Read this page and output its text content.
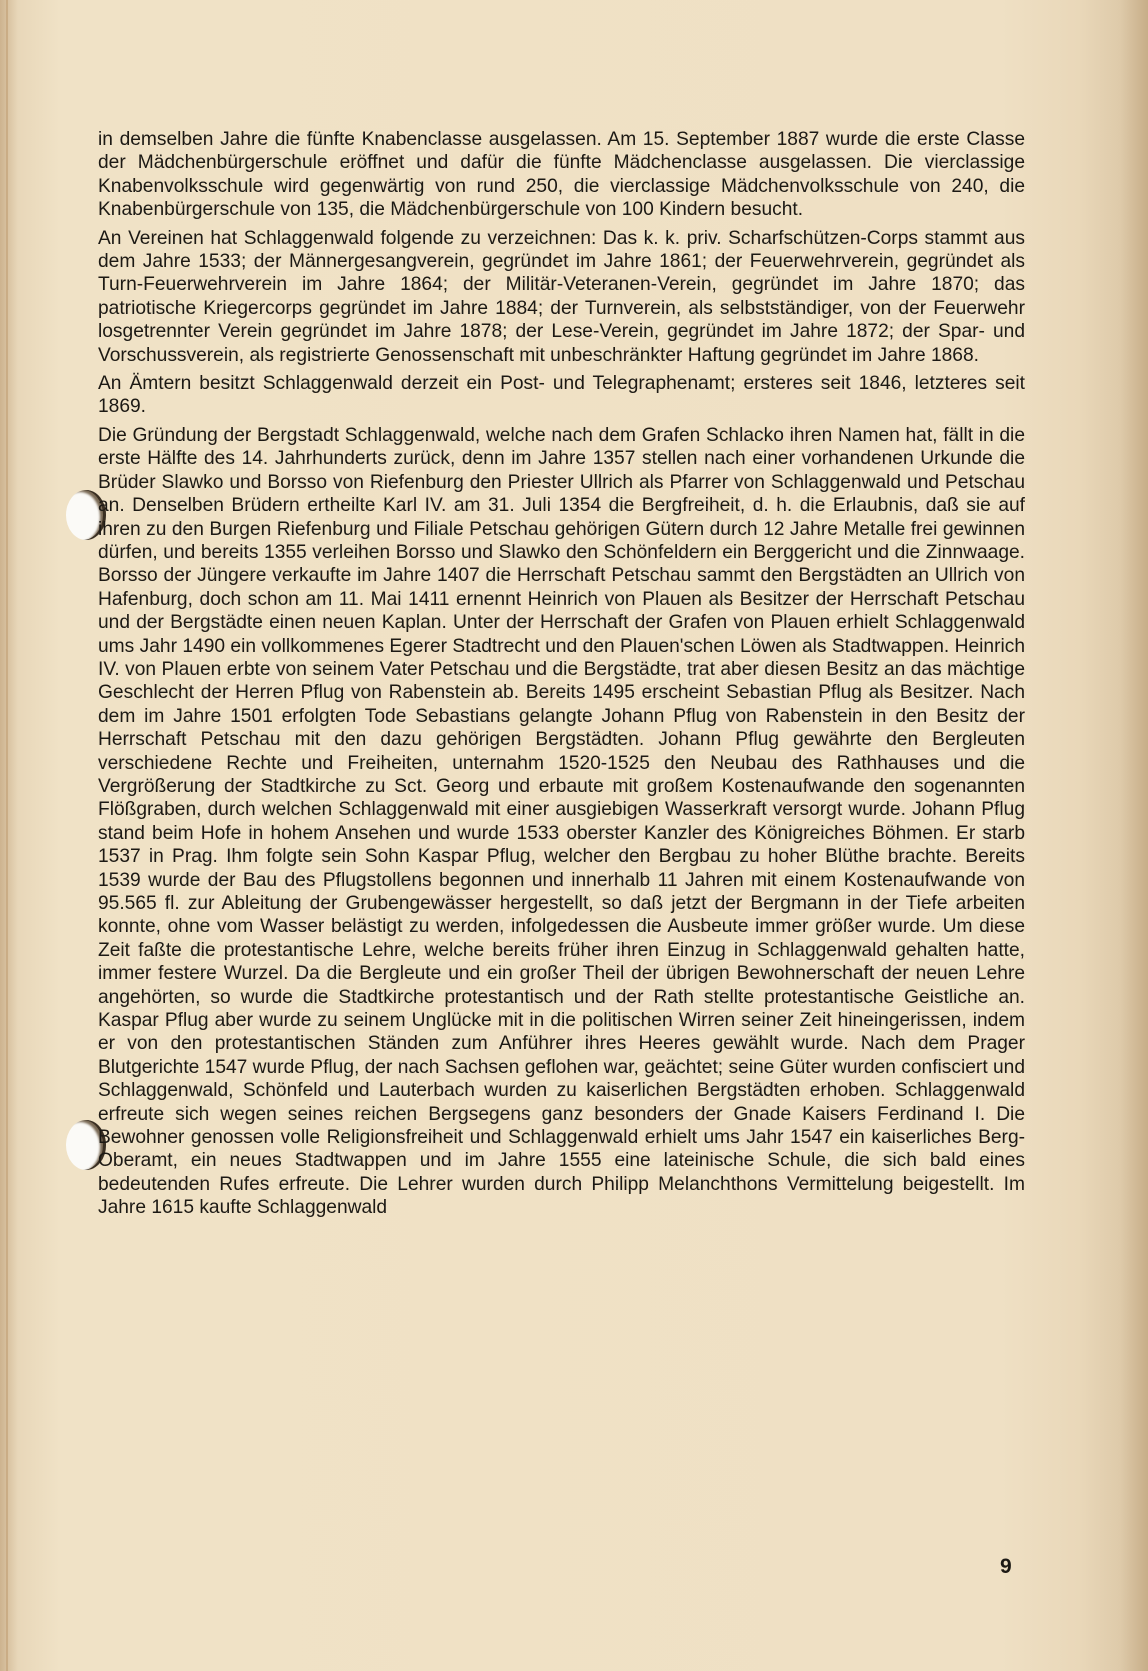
in demselben Jahre die fünfte Knabenclasse ausgelassen. Am 15. September 1887 wurde die erste Classe der Mädchenbürgerschule eröffnet und dafür die fünfte Mädchenclasse ausgelassen. Die vierclassige Knabenvolksschule wird gegenwärtig von rund 250, die vierclassige Mädchenvolksschule von 240, die Knabenbürgerschule von 135, die Mädchenbürgerschule von 100 Kindern besucht.

An Vereinen hat Schlaggenwald folgende zu verzeichnen: Das k. k. priv. Scharfschützen-Corps stammt aus dem Jahre 1533; der Männergesangverein, gegründet im Jahre 1861; der Feuerwehrverein, gegründet als Turn-Feuerwehrverein im Jahre 1864; der Militär-Veteranen-Verein, gegründet im Jahre 1870; das patriotische Kriegercorps gegründet im Jahre 1884; der Turnverein, als selbstständiger, von der Feuerwehr losgetrennter Verein gegründet im Jahre 1878; der Lese-Verein, gegründet im Jahre 1872; der Spar- und Vorschussverein, als registrierte Genossenschaft mit unbeschränkter Haftung gegründet im Jahre 1868.

An Ämtern besitzt Schlaggenwald derzeit ein Post- und Telegraphenamt; ersteres seit 1846, letzteres seit 1869.

Die Gründung der Bergstadt Schlaggenwald, welche nach dem Grafen Schlacko ihren Namen hat, fällt in die erste Hälfte des 14. Jahrhunderts zurück, denn im Jahre 1357 stellen nach einer vorhandenen Urkunde die Brüder Slawko und Borsso von Riefenburg den Priester Ullrich als Pfarrer von Schlaggenwald und Petschau an. Denselben Brüdern ertheilte Karl IV. am 31. Juli 1354 die Bergfreiheit, d. h. die Erlaubnis, daß sie auf ihren zu den Burgen Riefenburg und Filiale Petschau gehörigen Gütern durch 12 Jahre Metalle frei gewinnen dürfen, und bereits 1355 verleihen Borsso und Slawko den Schönfeldern ein Berggericht und die Zinnwaage. Borsso der Jüngere verkaufte im Jahre 1407 die Herrschaft Petschau sammt den Bergstädten an Ullrich von Hafenburg, doch schon am 11. Mai 1411 ernennt Heinrich von Plauen als Besitzer der Herrschaft Petschau und der Bergstädte einen neuen Kaplan. Unter der Herrschaft der Grafen von Plauen erhielt Schlaggenwald ums Jahr 1490 ein vollkommenes Egerer Stadtrecht und den Plauen'schen Löwen als Stadtwappen. Heinrich IV. von Plauen erbte von seinem Vater Petschau und die Bergstädte, trat aber diesen Besitz an das mächtige Geschlecht der Herren Pflug von Rabenstein ab. Bereits 1495 erscheint Sebastian Pflug als Besitzer. Nach dem im Jahre 1501 erfolgten Tode Sebastians gelangte Johann Pflug von Rabenstein in den Besitz der Herrschaft Petschau mit den dazu gehörigen Bergstädten. Johann Pflug gewährte den Bergleuten verschiedene Rechte und Freiheiten, unternahm 1520-1525 den Neubau des Rathhauses und die Vergrößerung der Stadtkirche zu Sct. Georg und erbaute mit großem Kostenaufwande den sogenannten Flößgraben, durch welchen Schlaggenwald mit einer ausgiebigen Wasserkraft versorgt wurde. Johann Pflug stand beim Hofe in hohem Ansehen und wurde 1533 oberster Kanzler des Königreiches Böhmen. Er starb 1537 in Prag. Ihm folgte sein Sohn Kaspar Pflug, welcher den Bergbau zu hoher Blüthe brachte. Bereits 1539 wurde der Bau des Pflugstollens begonnen und innerhalb 11 Jahren mit einem Kostenaufwande von 95.565 fl. zur Ableitung der Grubengewässer hergestellt, so daß jetzt der Bergmann in der Tiefe arbeiten konnte, ohne vom Wasser belästigt zu werden, infolgedessen die Ausbeute immer größer wurde. Um diese Zeit faßte die protestantische Lehre, welche bereits früher ihren Einzug in Schlaggenwald gehalten hatte, immer festere Wurzel. Da die Bergleute und ein großer Theil der übrigen Bewohnerschaft der neuen Lehre angehörten, so wurde die Stadtkirche protestantisch und der Rath stellte protestantische Geistliche an. Kaspar Pflug aber wurde zu seinem Unglücke mit in die politischen Wirren seiner Zeit hineingerissen, indem er von den protestantischen Ständen zum Anführer ihres Heeres gewählt wurde. Nach dem Prager Blutgerichte 1547 wurde Pflug, der nach Sachsen geflohen war, geächtet; seine Güter wurden confisciert und Schlaggenwald, Schönfeld und Lauterbach wurden zu kaiserlichen Bergstädten erhoben. Schlaggenwald erfreute sich wegen seines reichen Bergsegens ganz besonders der Gnade Kaisers Ferdinand I. Die Bewohner genossen volle Religionsfreiheit und Schlaggenwald erhielt ums Jahr 1547 ein kaiserliches Berg-Oberamt, ein neues Stadtwappen und im Jahre 1555 eine lateinische Schule, die sich bald eines bedeutenden Rufes erfreute. Die Lehrer wurden durch Philipp Melanchthons Vermittelung beigestellt. Im Jahre 1615 kaufte Schlaggenwald

9
